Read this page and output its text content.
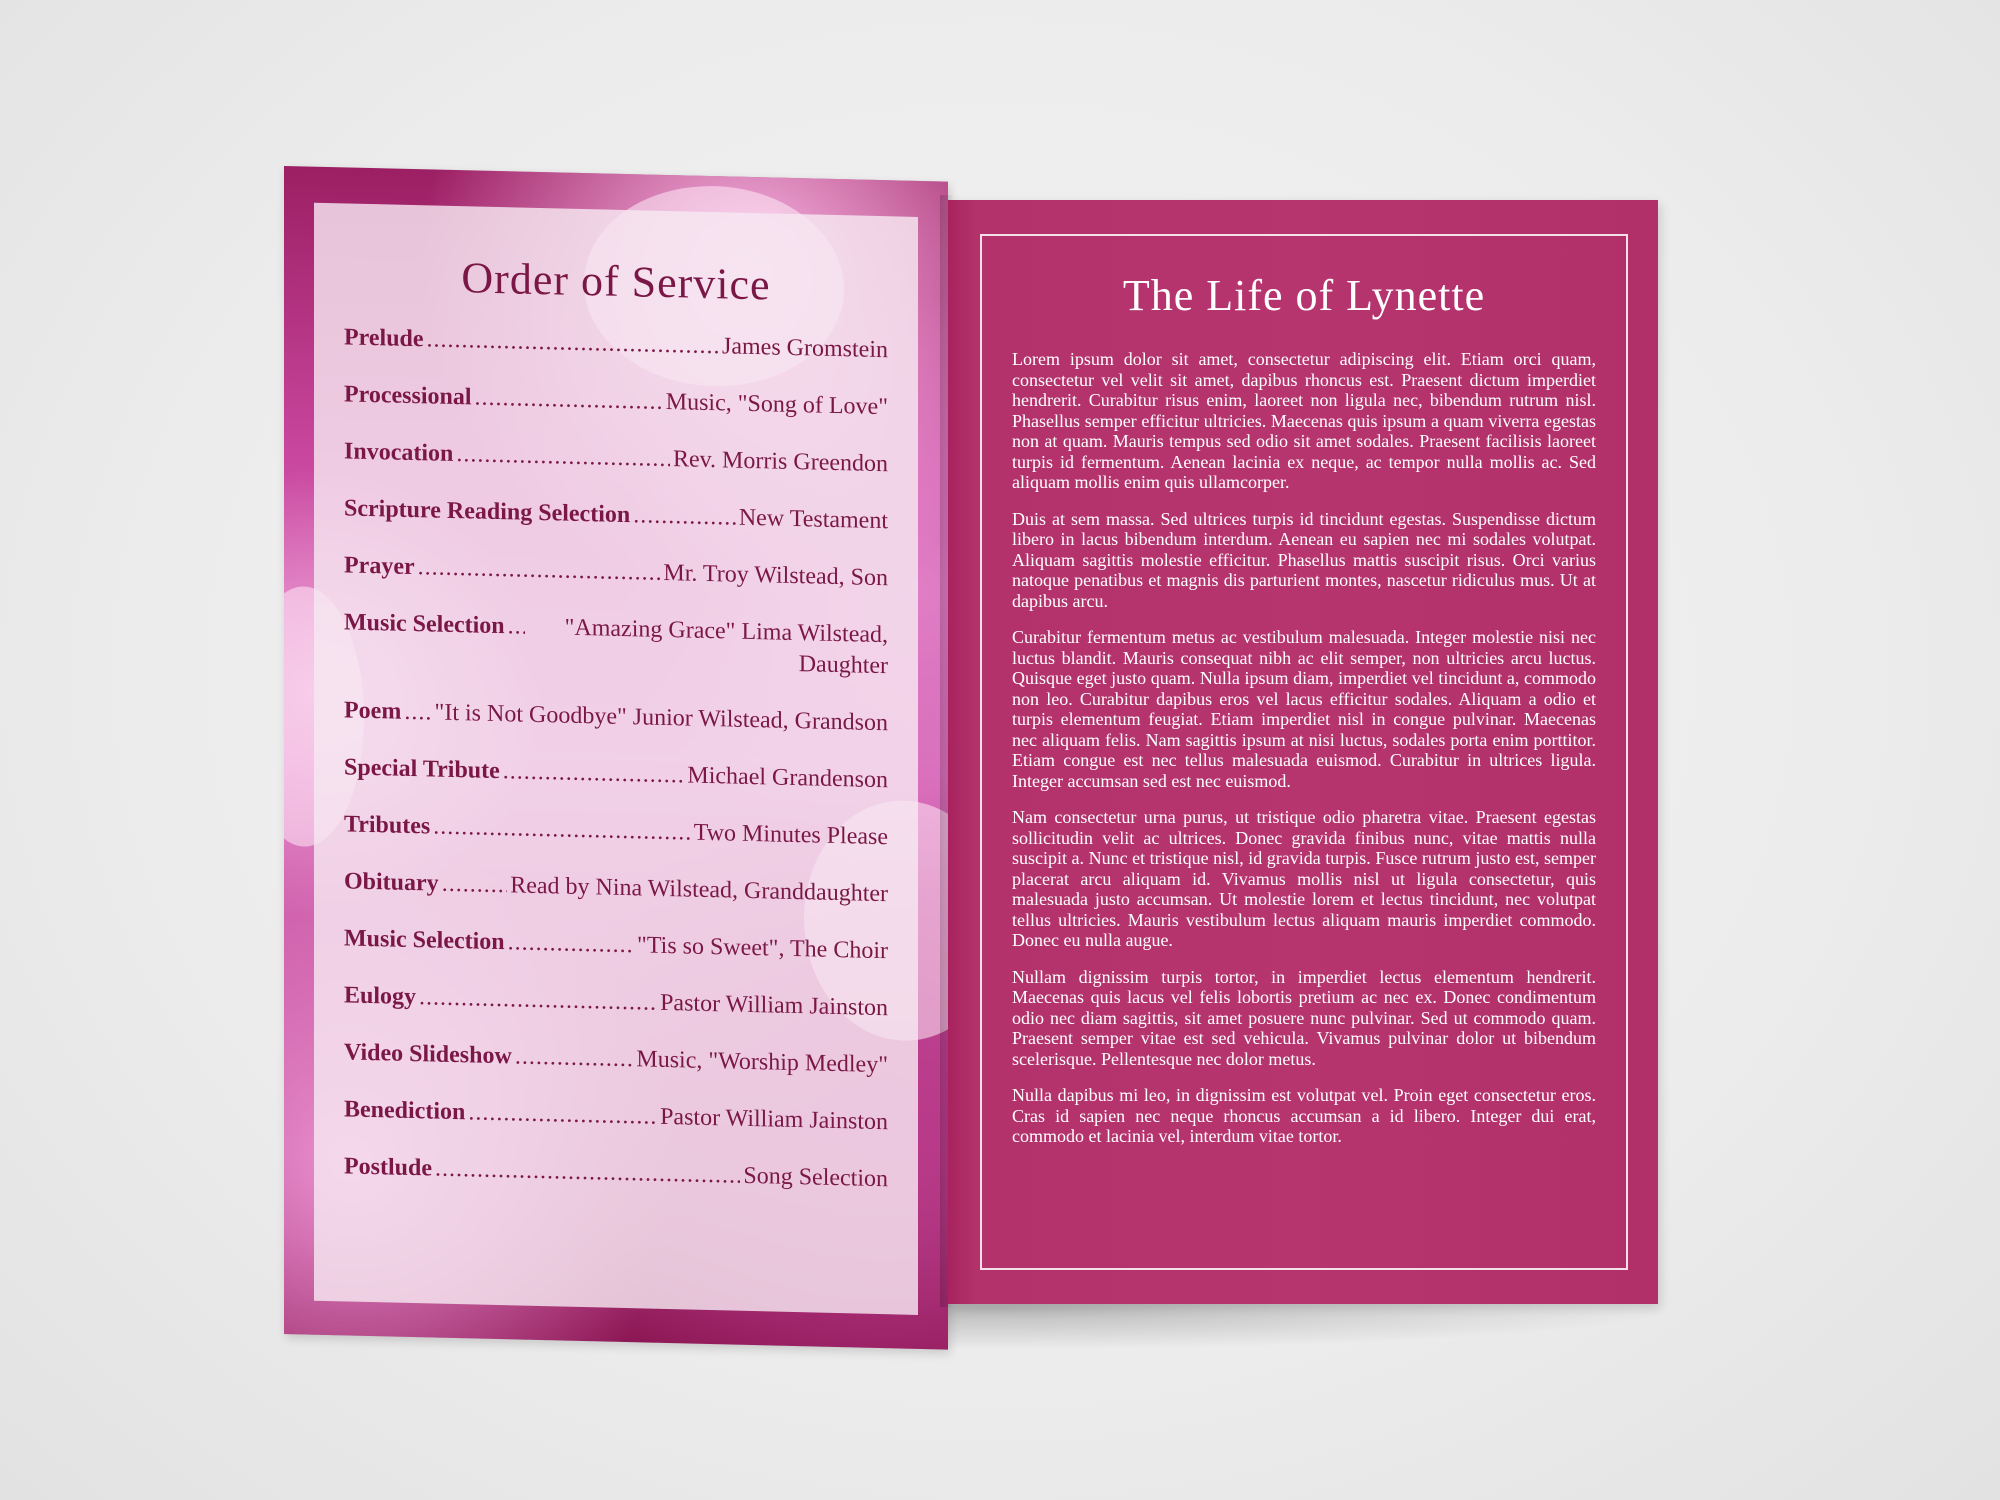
Order of Service
Prelude .....	James Gromstein
Processional .....	Music, "Song of Love"
Invocation .....	Rev. Morris Greendon
Scripture Reading Selection .....	New Testament
Prayer .....	Mr. Troy Wilstead, Son
Music Selection .....	"Amazing Grace" Lima Wilstead, Daughter
Poem ..... "It is Not Goodbye" Junior Wilstead, Grandson
Special Tribute .....	Michael Grandenson
Tributes .....	Two Minutes Please
Obituary .....	Read by Nina Wilstead, Granddaughter
Music Selection .....	"Tis so Sweet", The Choir
Eulogy .....	Pastor William Jainston
Video Slideshow .....	Music, "Worship Medley"
Benediction .....	Pastor William Jainston
Postlude .....	Song Selection
The Life of Lynette

Lorem ipsum dolor sit amet, consectetur adipiscing elit. Etiam orci quam, consectetur vel velit sit amet, dapibus rhoncus est. Praesent dictum imperdiet hendrerit. Curabitur risus enim, laoreet non ligula nec, bibendum rutrum nisl. Phasellus semper efficitur ultricies. Maecenas quis ipsum a quam viverra egestas non at quam. Mauris tempus sed odio sit amet sodales. Praesent facilisis laoreet turpis id fermentum. Aenean lacinia ex neque, ac tempor nulla mollis ac. Sed aliquam mollis enim quis ullamcorper.

Duis at sem massa. Sed ultrices turpis id tincidunt egestas. Suspendisse dictum libero in lacus bibendum interdum. Aenean eu sapien nec mi sodales volutpat. Aliquam sagittis molestie efficitur. Phasellus mattis suscipit risus. Orci varius natoque penatibus et magnis dis parturient montes, nascetur ridiculus mus. Ut at dapibus arcu.

Curabitur fermentum metus ac vestibulum malesuada. Integer molestie nisi nec luctus blandit. Mauris consequat nibh ac elit semper, non ultricies arcu luctus. Quisque eget justo quam. Nulla ipsum diam, imperdiet vel tincidunt a, commodo non leo. Curabitur dapibus eros vel lacus efficitur sodales. Aliquam a odio et turpis elementum feugiat. Etiam imperdiet nisl in congue pulvinar. Maecenas nec aliquam felis. Nam sagittis ipsum at nisi luctus, sodales porta enim porttitor. Etiam congue est nec tellus malesuada euismod. Curabitur in ultrices ligula. Integer accumsan sed est nec euismod.

Nam consectetur urna purus, ut tristique odio pharetra vitae. Praesent egestas sollicitudin velit ac ultrices. Donec gravida finibus nunc, vitae mattis nulla suscipit a. Nunc et tristique nisl, id gravida turpis. Fusce rutrum justo est, semper placerat arcu aliquam id. Vivamus mollis nisl ut ligula consectetur, quis malesuada justo accumsan. Ut molestie lorem et lectus tincidunt, nec volutpat tellus ultricies. Mauris vestibulum lectus aliquam mauris imperdiet commodo. Donec eu nulla augue.

Nullam dignissim turpis tortor, in imperdiet lectus elementum hendrerit. Maecenas quis lacus vel felis lobortis pretium ac nec ex. Donec condimentum odio nec diam sagittis, sit amet posuere nunc pulvinar. Sed ut commodo quam. Praesent semper vitae est sed vehicula. Vivamus pulvinar dolor ut bibendum scelerisque. Pellentesque nec dolor metus.

Nulla dapibus mi leo, in dignissim est volutpat vel. Proin eget consectetur eros. Cras id sapien nec neque rhoncus accumsan a id libero. Integer dui erat, commodo et lacinia vel, interdum vitae tortor.
